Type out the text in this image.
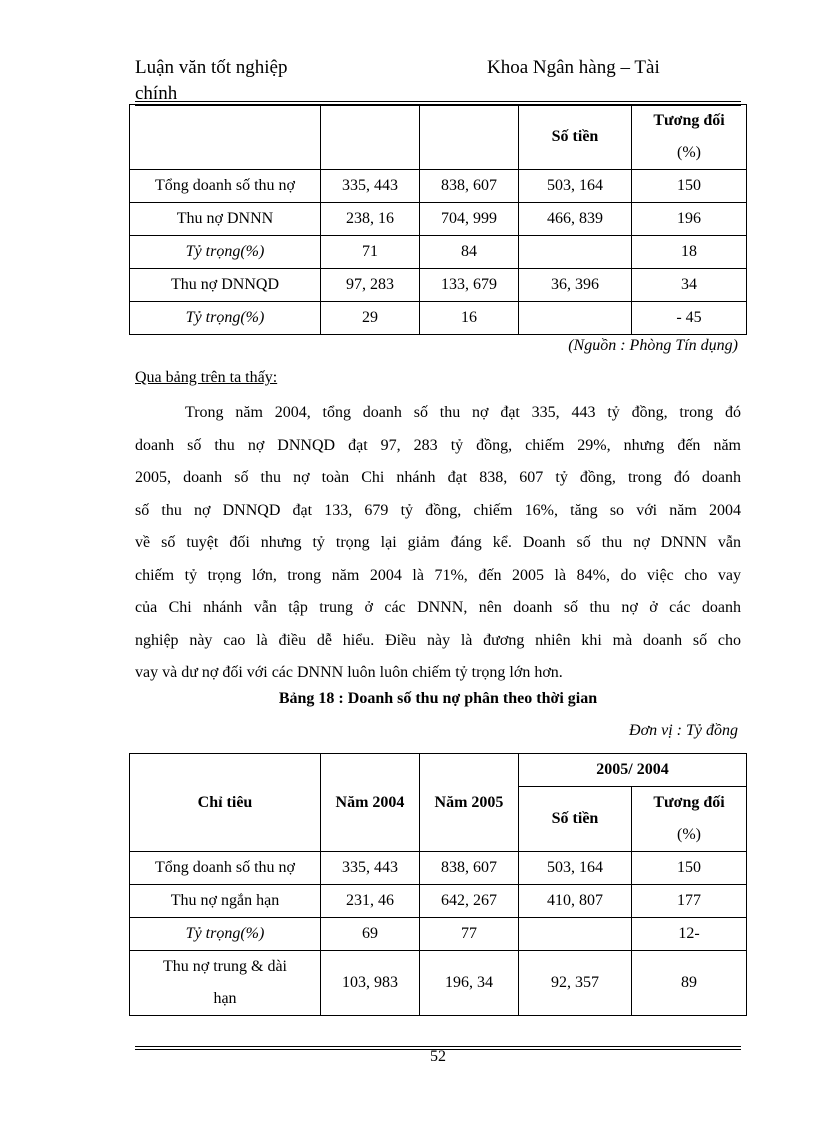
Luận văn tốt nghiệp
chính
Khoa Ngân hàng – Tài
			Số tiền	Tương đối
(%)

Tổng doanh số thu nợ	335, 443	838, 607	503, 164	150
Thu nợ DNNN	238, 16	704, 999	466, 839	196
Tỷ trọng(%)	71	84		18
Thu nợ DNNQD	97, 283	133, 679	36, 396	34
Tỷ trọng(%)	29	16		- 45
(Nguồn : Phòng Tín dụng)
Qua bảng trên ta thấy:
Trong năm 2004, tổng doanh số thu nợ đạt 335, 443 tỷ đồng, trong đó
doanh số thu nợ DNNQD đạt 97, 283 tỷ đồng, chiếm 29%, nhưng đến năm
2005, doanh số thu nợ toàn Chi nhánh đạt 838, 607 tỷ đồng, trong đó doanh
số thu nợ DNNQD đạt 133, 679 tỷ đồng, chiếm 16%, tăng so với năm 2004
về số tuyệt đối nhưng tỷ trọng lại giảm đáng kể. Doanh số thu nợ DNNN vẫn
chiếm tỷ trọng lớn, trong năm 2004 là 71%, đến 2005 là 84%, do việc cho vay
của Chi nhánh vẫn tập trung ở các DNNN, nên doanh số thu nợ ở các doanh
nghiệp này cao là điều dễ hiểu. Điều này là đương nhiên khi mà doanh số cho
vay và dư nợ đối với các DNNN luôn luôn chiếm tỷ trọng lớn hơn.
Bảng 18 : Doanh số thu nợ phân theo thời gian
Đơn vị : Tỷ đồng
Chỉ tiêu	Năm 2004	Năm 2005	2005/ 2004	
			Số tiền	Tương đối
(%)

Tổng doanh số thu nợ	335, 443	838, 607	503, 164	150
Thu nợ ngắn hạn	231, 46	642, 267	410, 807	177
Tỷ trọng(%)	69	77		12-

Thu nợ trung & dài
hạn	103, 983	196, 34	92, 357	89
52
